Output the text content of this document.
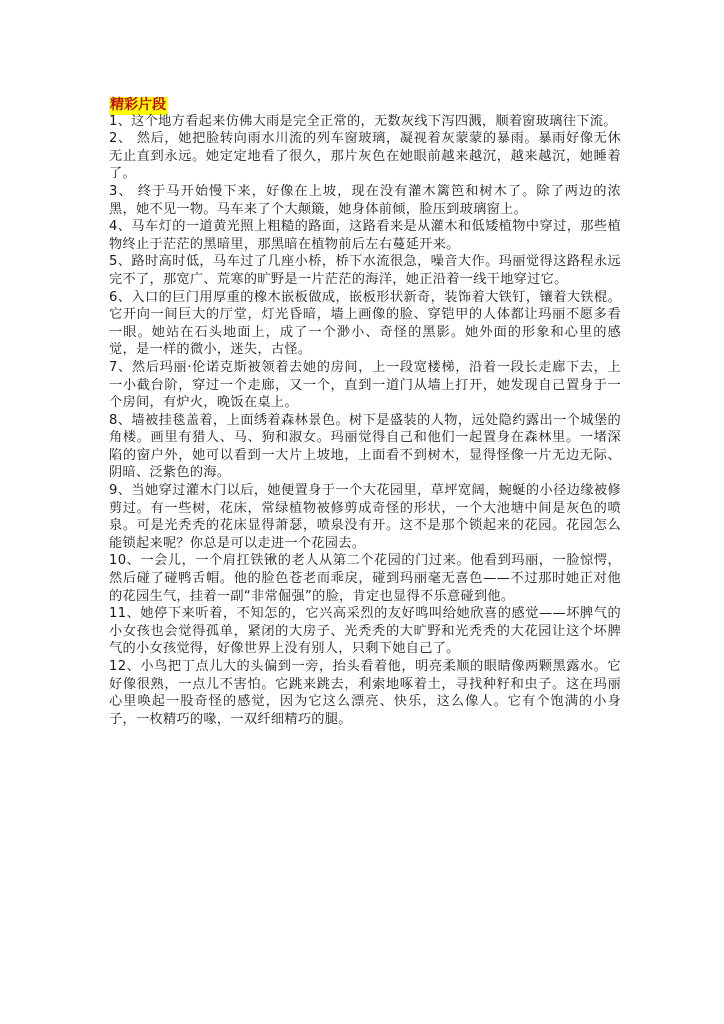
精彩片段

1、这个地方看起来仿佛大雨是完全正常的，无数灰线下泻四溅，顺着窗玻璃往下流。

2、 然后，她把脸转向雨水川流的列车窗玻璃，凝视着灰蒙蒙的暴雨。暴雨好像无休无止直到永远。她定定地看了很久，那片灰色在她眼前越来越沉，越来越沉，她睡着了。

3、 终于马开始慢下来，好像在上坡，现在没有灌木篱笆和树木了。除了两边的浓黑，她不见一物。马车来了个大颠簸，她身体前倾，脸压到玻璃窗上。

4、马车灯的一道黄光照上粗糙的路面，这路看来是从灌木和低矮植物中穿过，那些植物终止于茫茫的黑暗里，那黑暗在植物前后左右蔓延开来。

5、路时高时低，马车过了几座小桥，桥下水流很急，噪音大作。玛丽觉得这路程永远完不了，那宽广、荒寒的旷野是一片茫茫的海洋，她正沿着一线干地穿过它。

6、入口的巨门用厚重的橡木嵌板做成，嵌板形状新奇，装饰着大铁钉，镶着大铁棍。它开向一间巨大的厅堂，灯光昏暗，墙上画像的脸、穿铠甲的人体都让玛丽不愿多看一眼。她站在石头地面上，成了一个渺小、奇怪的黑影。她外面的形象和心里的感觉，是一样的微小，迷失，古怪。

7、然后玛丽·伦诺克斯被领着去她的房间，上一段宽楼梯，沿着一段长走廊下去，上一小截台阶，穿过一个走廊，又一个，直到一道门从墙上打开，她发现自己置身于一个房间，有炉火，晚饭在桌上。

8、墙被挂毯盖着，上面绣着森林景色。树下是盛装的人物，远处隐约露出一个城堡的角楼。画里有猎人、马、狗和淑女。玛丽觉得自己和他们一起置身在森林里。一堵深陷的窗户外，她可以看到一大片上坡地，上面看不到树木，显得怪像一片无边无际、阴暗、泛紫色的海。

9、当她穿过灌木门以后，她便置身于一个大花园里，草坪宽阔，蜿蜒的小径边缘被修剪过。有一些树，花床，常绿植物被修剪成奇怪的形状，一个大池塘中间是灰色的喷泉。可是光秃秃的花床显得萧瑟，喷泉没有开。这不是那个锁起来的花园。花园怎么能锁起来呢？你总是可以走进一个花园去。

10、一会儿，一个肩扛铁锹的老人从第二个花园的门过来。他看到玛丽，一脸惊愕，然后碰了碰鸭舌帽。他的脸色苍老而乖戾，碰到玛丽毫无喜色——不过那时她正对他的花园生气，挂着一副“非常倔强”的脸，肯定也显得不乐意碰到他。

11、她停下来听着，不知怎的，它兴高采烈的友好鸣叫给她欣喜的感觉——坏脾气的小女孩也会觉得孤单，紧闭的大房子、光秃秃的大旷野和光秃秃的大花园让这个坏脾气的小女孩觉得，好像世界上没有别人，只剩下她自己了。

12、小鸟把丁点儿大的头偏到一旁，抬头看着他，明亮柔顺的眼睛像两颗黑露水。它好像很熟，一点儿不害怕。它跳来跳去，利索地啄着土，寻找种籽和虫子。这在玛丽心里唤起一股奇怪的感觉，因为它这么漂亮、快乐，这么像人。它有个饱满的小身子，一枚精巧的喙，一双纤细精巧的腿。
